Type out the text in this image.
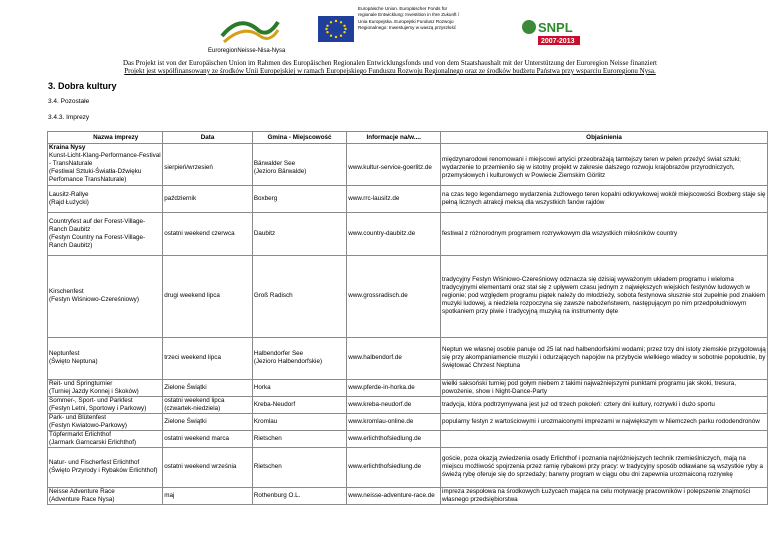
EuroregionNeisse-Nisa-Nysa
Europäische Union. Europäischer Fonds für
regionale Entwicklung: Investition in Ihre Zukunft /
Unia Europejska. Europejski Fundusz Rozwoju
Regionalnego: Inwestujemy w waszą przyszłość	SNPL
2007-2013
Das Projekt ist von der Europäischen Union im Rahmen des Europäischen Regionalen Entwicklungsfonds und von dem Staatshaushalt mit der Unterstützung der Euroregion Neisse finanziert
Projekt jest współfinansowany ze środków Unii Europejskiej w ramach Europejskiego Funduszu Rozwoju Regionalnego oraz ze środków budżetu Państwa przy wsparciu Euroregionu Nysa.
3. Dobra kultury
3.4. Pozostałe
3.4.3. Imprezy
Nazwa imprezy	Data	Gmina - Miejscowość	Informacje na/w....	Objaśnienia
Kraina Nysy				
Kunst-Licht-Klang-Performance-Festival - TransNaturale
(Festiwal Sztuki-Światła-Dźwięku Perfomance TransNaturale)	sierpień/wrzesień	Bärwalder See
(Jezioro Bärwalde)	www.kultur-service-goerlitz.de	międzynarodowi renomowani i miejscowi artyści przeobrażają tamtejszy teren w pełen przeżyć świat sztuki; wydarzenie to przemienilo się w istotny projekt w zakresie dalszego rozwoju krajobrazów przyrodniczych, przemysłowych i kulturowych w Powiecie Ziemskim Görlitz
Lausitz-Rallye
(Rajd Łużycki)	październik	Boxberg	www.rrc-lausitz.de	na czas tego legendarnego wydarzenia żużlowego teren kopalni odkrywkowej wokół miejscowości Boxberg staje się pełną licznych atrakcji meksą dla wszystkich fanów rajdów
Countryfest auf der Forest-Village-Ranch Daubitz
(Festyn Country na Forest-Village-Ranch Daubitz)	ostatni weekend czerwca	Daubitz	www.country-daubitz.de	festiwal z różnorodnym programem rozrywkowym dla wszystkich miłośników country
Kirschenfest
(Festyn Wiśniowo-Czereśniowy)	drugi weekend lipca	Groß Radisch	www.grossradisch.de	tradycyjny Festyn Wiśniowo-Czereśniowy odznacza się dzisiaj wyważonym układem programu i wieloma tradycyjnymi elementami oraz stał się z upływem czasu jednym z największych wiejskich festynów ludowych w regionie; pod względem programu piątek należy do młodzieży, sobota festynowa słusznie stoi zupełnie pod znakiem muzyki ludowej, a niedziela rozpoczyna się zawsze nabożeństwem, następującym po nim przedpołudniowym spotkaniem przy piwie i tradycyjną muzyką na instrumenty dęte
Neptunfest
(Święto Neptuna)	trzeci weekend lipca	Halbendorfer See
(Jezioro Halbendorfskie)	www.halbendorf.de	Neptun we własnej osobie panuje od 25 lat nad halbendorfskimi wodami; przez trzy dni istoty ziemskie przygotowują się przy akompaniamencie muzyki i odurzających napojów na przybycie wielkiego władcy w sobotnie popołudnie, by świętować Chrzest Neptuna
Reit- und Springturnier
(Turniej Jazdy Konnej i Skoków)	Zielone Świątki	Horka	www.pferde-in-horka.de	wielki saksoński turniej pod gołym niebem z takimi najważniejszymi punktami programu jak skoki, tresura, powożenie, show i Night-Dance-Party
Sommer-, Sport- und Parkfest
(Festyn Letni, Sportowy i Parkowy)	ostatni weekend lipca
(czwartek-niedziela)	Kreba-Neudorf	www.kreba-neudorf.de	tradycja, która podtrzymywana jest już od trzech pokoleń: cztery dni kultury, rozrywki i dużo sportu
Park- und Blütenfest
(Festyn Kwiatowo-Parkowy)	Zielone Świątki	Kromlau	www.kromlau-online.de	popularny festyn z wartościowymi i urozmaiconymi imprezami w największym w Niemczech parku rododendronów
Töpfermarkt Erlichthof
(Jarmark Garncarski Erlichthof)	ostatni weekend marca	Rietschen	www.erlichthofsiedlung.de	
Natur- und Fischerfest Erlichthof
(Święto Przyrody i Rybaków Erlichthof)	ostatni weekend września	Rietschen	www.erlichthofsiedlung.de	goście, poza okazją zwiedzenia osady Erlichthof i poznania najróżniejszych technik rzemieślniczych, mają na miejscu możliwość spojrzenia przez ramię rybakowi przy pracy: w tradycyjny sposób odławiane są wszystkie ryby a świeżą rybę oferuje się do sprzedaży; barwny program w ciągu obu dni zapewnia urozmaiconą rozrywkę
Neisse Adventure Race
(Adventure Race Nysa)	maj	Rothenburg O.L.	www.neisse-adventure-race.de	impreza zespołowa na środkowych Łużycach mająca na celu motywację pracowników i polepszenie znajmości własnego przedsiębiorstwa
